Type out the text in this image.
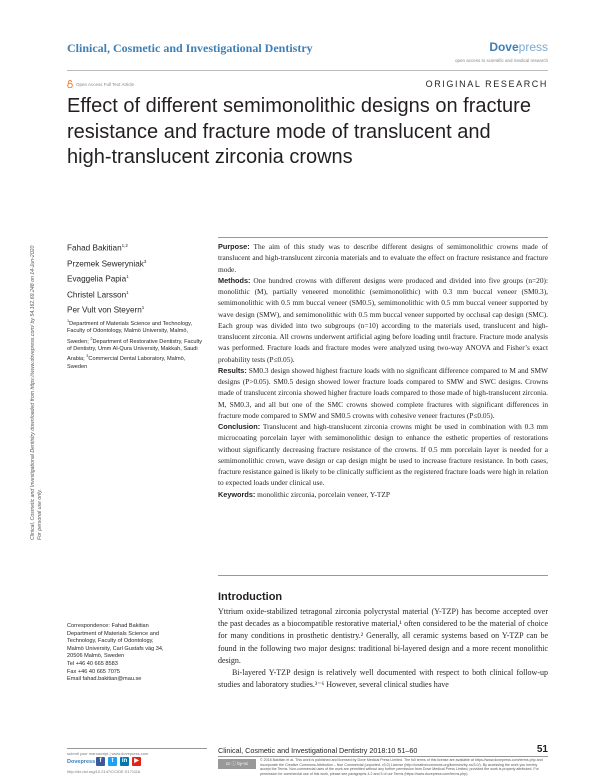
Clinical, Cosmetic and Investigational Dentistry	Dovepress
open access to scientific and medical research
Open Access Full Text Article	ORIGINAL RESEARCH
Effect of different semimonolithic designs on fracture resistance and fracture mode of translucent and high-translucent zirconia crowns
Clinical, Cosmetic and Investigational Dentistry downloaded from https://www.dovepress.com/ by 54.162.69.248 on 14-Jun-2020 For personal use only.
Fahad Bakitian$^{1,2}$
Przemek Seweryniak$^3$
Evaggelia Papia$^1$
Christel Larsson$^1$
Per Vult von Steyern$^1$
$^1$Department of Materials Science and Technology, Faculty of Odontology, Malmö University, Malmö, Sweden; $^2$Department of Restorative Dentistry, Faculty of Dentistry, Umm Al-Qura University, Makkah, Saudi Arabia; $^3$Commercial Dental Laboratory, Malmö, Sweden
Correspondence: Fahad Bakitian
Department of Materials Science and
Technology, Faculty of Odontology,
Malmö University, Carl Gustafs väg 34,
20506 Malmö, Sweden
Tel +46 40 665 8583
Fax +46 40 665 7075
Email fahad.bakitian@mau.se

Purpose: The aim of this study was to describe different designs of semimonolithic crowns made of translucent and high-translucent zirconia materials and to evaluate the effect on fracture resistance and fracture mode.

Methods: One hundred crowns with different designs were produced and divided into five groups (n=20): monolithic (M), partially veneered monolithic (semimonolithic) with 0.3 mm buccal veneer (SM0.3), semimonolithic with 0.5 mm buccal veneer (SM0.5), semimonolithic with 0.5 mm buccal veneer supported by wave design (SMW), and semimonolithic with 0.5 mm buccal veneer supported by occlusal cap design (SMC). Each group was divided into two subgroups (n=10) according to the materials used, translucent and high-translucent zirconia. All crowns underwent artificial aging before loading until fracture. Fracture mode analysis was performed. Fracture loads and fracture modes were analyzed using two-way ANOVA and Fisher’s exact probability tests (P≤0.05).

Results: SM0.3 design showed highest fracture loads with no significant difference compared to M and SMW designs (P>0.05). SM0.5 design showed lower fracture loads compared to SMW and SWC designs. Crowns made of translucent zirconia showed higher fracture loads compared to those made of high-translucent zirconia. M, SM0.3, and all but one of the SMC crowns showed complete fractures with significant differences in fracture mode compared to SMW and SM0.5 crowns with cohesive veneer fractures (P≤0.05).

Conclusion: Translucent and high-translucent zirconia crowns might be used in combination with 0.3 mm microcoating porcelain layer with semimonolithic design to enhance the esthetic properties of restorations without significantly decreasing fracture resistance of the crowns. If 0.5 mm porcelain layer is needed for a semimonolithic crown, wave design or cap design might be used to increase fracture resistance. In both cases, fracture resistance gained is likely to be clinically sufficient as the registered fracture loads were high in relation to expected loads under clinical use.

Keywords: monolithic zirconia, porcelain veneer, Y-TZP

Introduction

Yttrium oxide-stabilized tetragonal zirconia polycrystal material (Y-TZP) has become accepted over the past decades as a biocompatible restorative material,¹ often considered to be the material of choice for many conditions in prosthetic dentistry.² Generally, all ceramic systems based on Y-TZP can be found in the following two major designs: traditional bi-layered design and a more recent monolithic design.

Bi-layered Y-TZP design is relatively well documented with respect to both clinical follow-up studies and laboratory studies.³⁻⁶ However, several clinical studies have

submit your manuscript | www.dovepress.com
Dovepress f	t	in	▶
http://dx.doi.org/10.2147/CCIDE.S171116
Clinical, Cosmetic and Investigational Dentistry 2018:10 51–60	51
cc ⓘ by-nc
© 2018 Bakitian et al. This work is published and licensed by Dove Medical Press Limited. The full terms of this license are available at https://www.dovepress.com/terms.php and incorporate the Creative Commons Attribution – Non Commercial (unported, v3.0) License (http://creativecommons.org/licenses/by-nc/3.0/). By accessing the work you hereby accept the Terms. Non-commercial uses of the work are permitted without any further permission from Dove Medical Press Limited, provided the work is properly attributed. For permission for commercial use of this work, please see paragraphs 4.2 and 5 of our Terms (https://www.dovepress.com/terms.php).
